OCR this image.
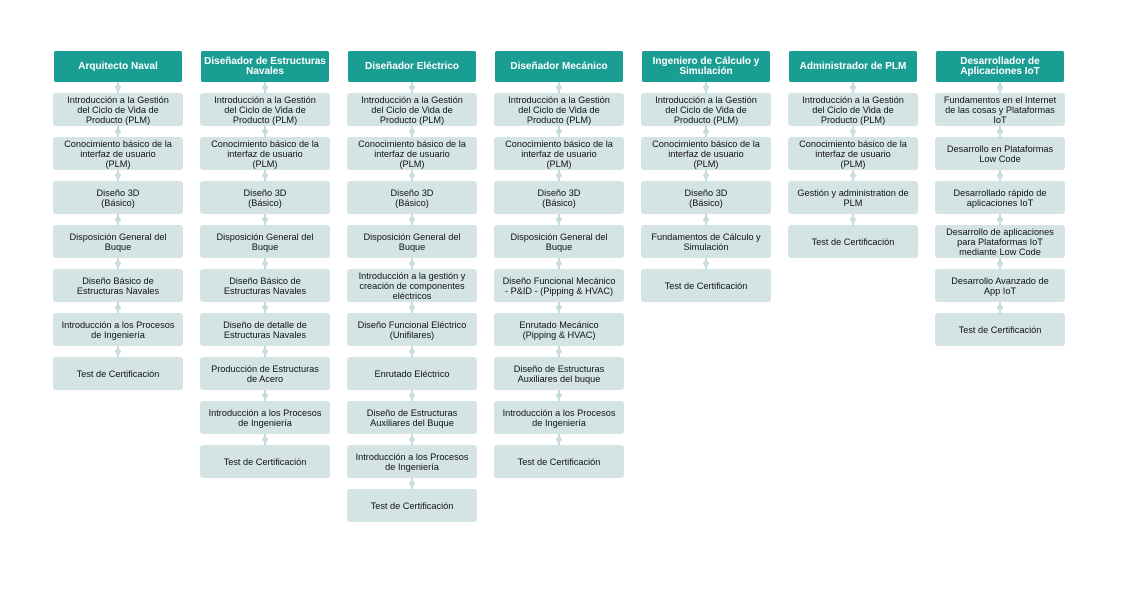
Arquitecto Naval
Introducción a la Gestión
del Ciclo de Vida de
Producto (PLM)
Conocimiento básico de la
interfaz de usuario
(PLM)
Diseño 3D
(Básico)
Disposición General del
Buque
Diseño Básico de
Estructuras Navales
Introducción a los Procesos
de Ingeniería
Test de Certificación
Diseñador de Estructuras Navales
Introducción a la Gestión
del Ciclo de Vida de
Producto (PLM)
Conocimiento básico de la
interfaz de usuario
(PLM)
Diseño 3D
(Básico)
Disposición General del
Buque
Diseño Básico de
Estructuras Navales
Diseño de detalle de
Estructuras Navales
Producción de Estructuras
de Acero
Introducción a los Procesos
de Ingeniería
Test de Certificación
Diseñador Eléctrico
Introducción a la Gestión
del Ciclo de Vida de
Producto (PLM)
Conocimiento básico de la
interfaz de usuario
(PLM)
Diseño 3D
(Básico)
Disposición General del
Buque
Introducción a la gestión y
creación de componentes
eléctricos
Diseño Funcional Eléctrico
(Unifilares)
Enrutado Eléctrico
Diseño de Estructuras
Auxiliares del Buque
Introducción a los Procesos
de Ingeniería
Test de Certificación
Diseñador Mecánico
Introducción a la Gestión
del Ciclo de Vida de
Producto (PLM)
Conocimiento básico de la
interfaz de usuario
(PLM)
Diseño 3D
(Básico)
Disposición General del
Buque
Diseño Funcional Mecánico
- P&ID - (Pipping & HVAC)
Enrutado Mecánico
(Pipping & HVAC)
Diseño de Estructuras
Auxiliares del buque
Introducción a los Procesos
de Ingeniería
Test de Certificación
Ingeniero de Cálculo y Simulación
Introducción a la Gestión
del Ciclo de Vida de
Producto (PLM)
Conocimiento básico de la
interfaz de usuario
(PLM)
Diseño 3D
(Básico)
Fundamentos de Cálculo y
Simulación
Test de Certificación
Administrador de PLM
Introducción a la Gestión
del Ciclo de Vida de
Producto (PLM)
Conocimiento básico de la
interfaz de usuario
(PLM)
Gestión y administration de
PLM
Test de Certificación
Desarrollador de Aplicaciones IoT
Fundamentos en el Internet
de las cosas y Plataformas
IoT
Desarrollo en Plataformas
Low Code
Desarrollado rápido de
aplicaciones IoT
Desarrollo de aplicaciones
para Plataformas IoT
mediante Low Code
Desarrollo Avanzado de
App IoT
Test de Certificación
